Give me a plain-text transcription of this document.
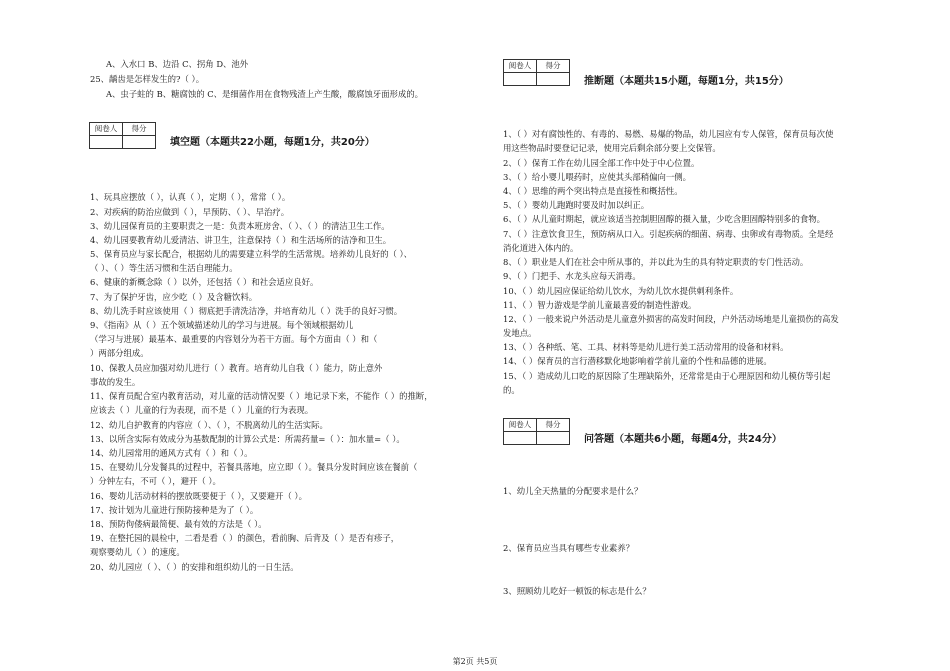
A、入水口 B、边沿 C、拐角 D、池外
25、龋齿是怎样发生的?（ ）。
A、虫子蛀的 B、糖腐蚀的 C、是细菌作用在食物残渣上产生酸，酸腐蚀牙面形成的。
阅卷人	得分

填空题（本题共22小题，每题1分，共20分）
1、玩具应摆放（ ），认真（ ），定期（ ），常常（ ）。
2、对疾病的防治应做到（ ），早预防、（ ）、早治疗。
3、幼儿园保育员的主要职责之一是：负责本班房舍、（ ）、（ ）的清洁卫生工作。
4、幼儿园要教育幼儿爱清洁、讲卫生，注意保持（ ）和生活场所的洁净和卫生。
5、保育员应与家长配合，根据幼儿的需要建立科学的生活常规。培养幼儿良好的（ ）、
（ ）、（ ）等生活习惯和生活自理能力。
6、健康的新概念除（ ）以外，还包括（ ）和社会适应良好。
7、为了保护牙齿，应少吃（ ）及含糖饮料。
8、幼儿洗手时应该使用（ ）彻底把手清洗洁净，并培育幼儿（ ）洗手的良好习惯。
9、《指南》从（ ）五个领域描述幼儿的学习与进展。每个领域根据幼儿
（学习与进展）最基本、最重要的内容划分为若干方面。每个方面由（ ）和（
）两部分组成。
10、保教人员应加强对幼儿进行（ ）教育。培育幼儿自我（ ）能力，防止意外
事故的发生。
11、保育员配合室内教育活动，对儿童的活动情况要（ ）地记录下来，不能作（ ）的推断，
应该去（ ）儿童的行为表现，而不是（ ）儿童的行为表现。
12、幼儿自护教育的内容应（ ）、（ ），不脱离幼儿的生活实际。
13、以所含实际有效成分为基数配制的计算公式是：所需药量=（ ）：加水量=（ ）。
14、幼儿园常用的通风方式有（ ）和（ ）。
15、在婴幼儿分发餐具的过程中，若餐具落地，应立即（ ）。餐具分发时间应该在餐前（
）分钟左右，不可（ ），避开（ ）。
16、婴幼儿活动材料的摆放既要便于（ ），又要避开（ ）。
17、按计划为儿童进行预防接种是为了（ ）。
18、预防佝偻病最简便、最有效的方法是（ ）。
19、在整托园的晨检中，二看是看（ ）的颜色，看前胸、后背及（ ）是否有疹子，
观察婴幼儿（ ）的速度。
20、幼儿园应（ ）、（ ）的安排和组织幼儿的一日生活。
阅卷人	得分

推断题（本题共15小题，每题1分，共15分）
1、（ ）对有腐蚀性的、有毒的、易燃、易爆的物品，幼儿园应有专人保管，保育员每次使
用这些物品时要登记记录，使用完后剩余部分要上交保管。
2、（ ）保育工作在幼儿园全部工作中处于中心位置。
3、（ ）给小婴儿喂药时，应使其头部稍偏向一侧。
4、（ ）思维的两个突出特点是直接性和概括性。
5、（ ）婴幼儿跑跑时要及时加以纠正。
6、（ ）从儿童时期起，就应该适当控制胆固醇的摄入量，少吃含胆固醇特别多的食物。
7、（ ）注意饮食卫生，预防病从口入。引起疾病的细菌、病毒、虫卵或有毒物质。全是经
消化道进入体内的。
8、（ ）职业是人们在社会中所从事的，并以此为生的具有特定职责的专门性活动。
9、（ ）门把手、水龙头应每天消毒。
10、（ ）幼儿园应保证给幼儿饮水，为幼儿饮水提供刺利条件。
11、（ ）智力游戏是学前儿童最喜爱的制造性游戏。
12、（ ）一般来说户外活动是儿童意外损害的高发时间段，户外活动场地是儿童损伤的高发
发地点。
13、（ ）各种纸、笔、工具、材料等是幼儿进行美工活动常用的设备和材料。
14、（ ）保育员的言行潜移默化地影响着学前儿童的个性和品德的进展。
15、（ ）造成幼儿口吃的原因除了生理缺陷外，还常常是由于心理原因和幼儿模仿等引起
的。
阅卷人	得分

问答题（本题共6小题，每题4分，共24分）
1、幼儿全天热量的分配要求是什么？
2、保育员应当具有哪些专业素养？
3、照顾幼儿吃好一顿饭的标志是什么？
第2页 共5页
